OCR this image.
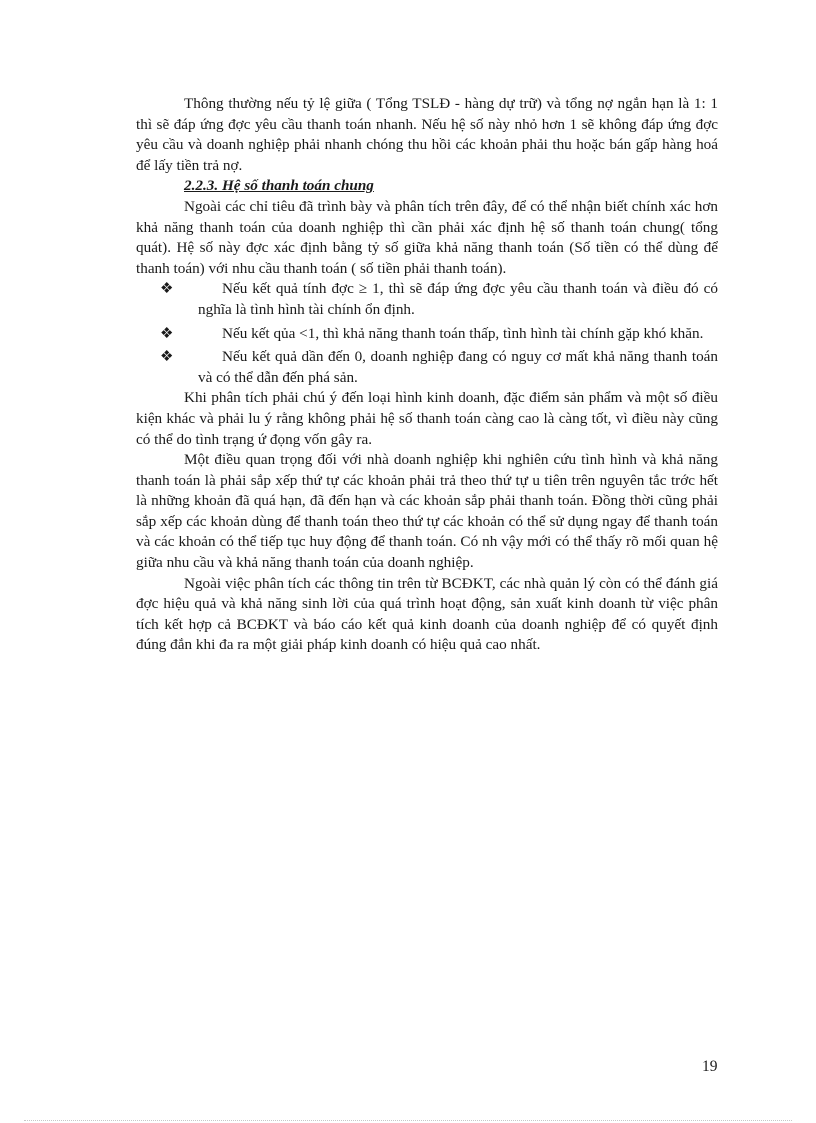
Thông thường nếu tỷ lệ giữa ( Tổng TSLĐ - hàng dự trữ) và tổng nợ ngắn hạn là 1: 1 thì sẽ đáp ứng đợc yêu cầu thanh toán nhanh. Nếu hệ số này nhỏ hơn 1 sẽ không đáp ứng đợc yêu cầu và doanh nghiệp phải nhanh chóng thu hồi các khoản phải thu hoặc bán gấp hàng hoá để lấy tiền trả nợ.

2.2.3. Hệ số thanh toán chung

Ngoài các chỉ tiêu đã trình bày và phân tích trên đây, để có thể nhận biết chính xác hơn khả năng thanh toán của doanh nghiệp thì cần phải xác định hệ số thanh toán chung( tổng quát). Hệ số này đợc xác định bằng tỷ số giữa khả năng thanh toán (Số tiền có thể dùng để thanh toán) với nhu cầu thanh toán ( số tiền phải thanh toán).

❖	Nếu kết quả tính đợc ≥ 1, thì sẽ đáp ứng đợc yêu cầu thanh toán và điều đó có nghĩa là tình hình tài chính ổn định.
❖	Nếu kết qủa <1, thì khả năng thanh toán thấp, tình hình tài chính gặp khó khăn.
❖	Nếu kết quả dần đến 0, doanh nghiệp đang có nguy cơ mất khả năng thanh toán và có thể dẫn đến phá sản.

Khi phân tích phải chú ý đến loại hình kinh doanh, đặc điểm sản phẩm và một số điều kiện khác và phải lu ý rằng không phải hệ số thanh toán càng cao là càng tốt, vì điều này cũng có thể do tình trạng ứ đọng vốn gây ra.

Một điều quan trọng đối với nhà doanh nghiệp khi nghiên cứu tình hình và khả năng thanh toán là phải sắp xếp thứ tự các khoản phải trả theo thứ tự u tiên trên nguyên tắc trớc hết là những khoản đã quá hạn, đã đến hạn và các khoản sắp phải thanh toán. Đồng thời cũng phải sắp xếp các khoản dùng để thanh toán theo thứ tự các khoản có thể sử dụng ngay để thanh toán và các khoản có thể tiếp tục huy động để thanh toán. Có nh vậy mới có thể thấy rõ mối quan hệ giữa nhu cầu và khả năng thanh toán của doanh nghiệp.

Ngoài việc phân tích các thông tin trên từ BCĐKT, các nhà quản lý còn có thể đánh giá đợc hiệu quả và khả năng sinh lời của quá trình hoạt động, sản xuất kinh doanh từ việc phân tích kết hợp cả BCĐKT và báo cáo kết quả kinh doanh của doanh nghiệp để có quyết định đúng đắn khi đa ra một giải pháp kinh doanh có hiệu quả cao nhất.

19
